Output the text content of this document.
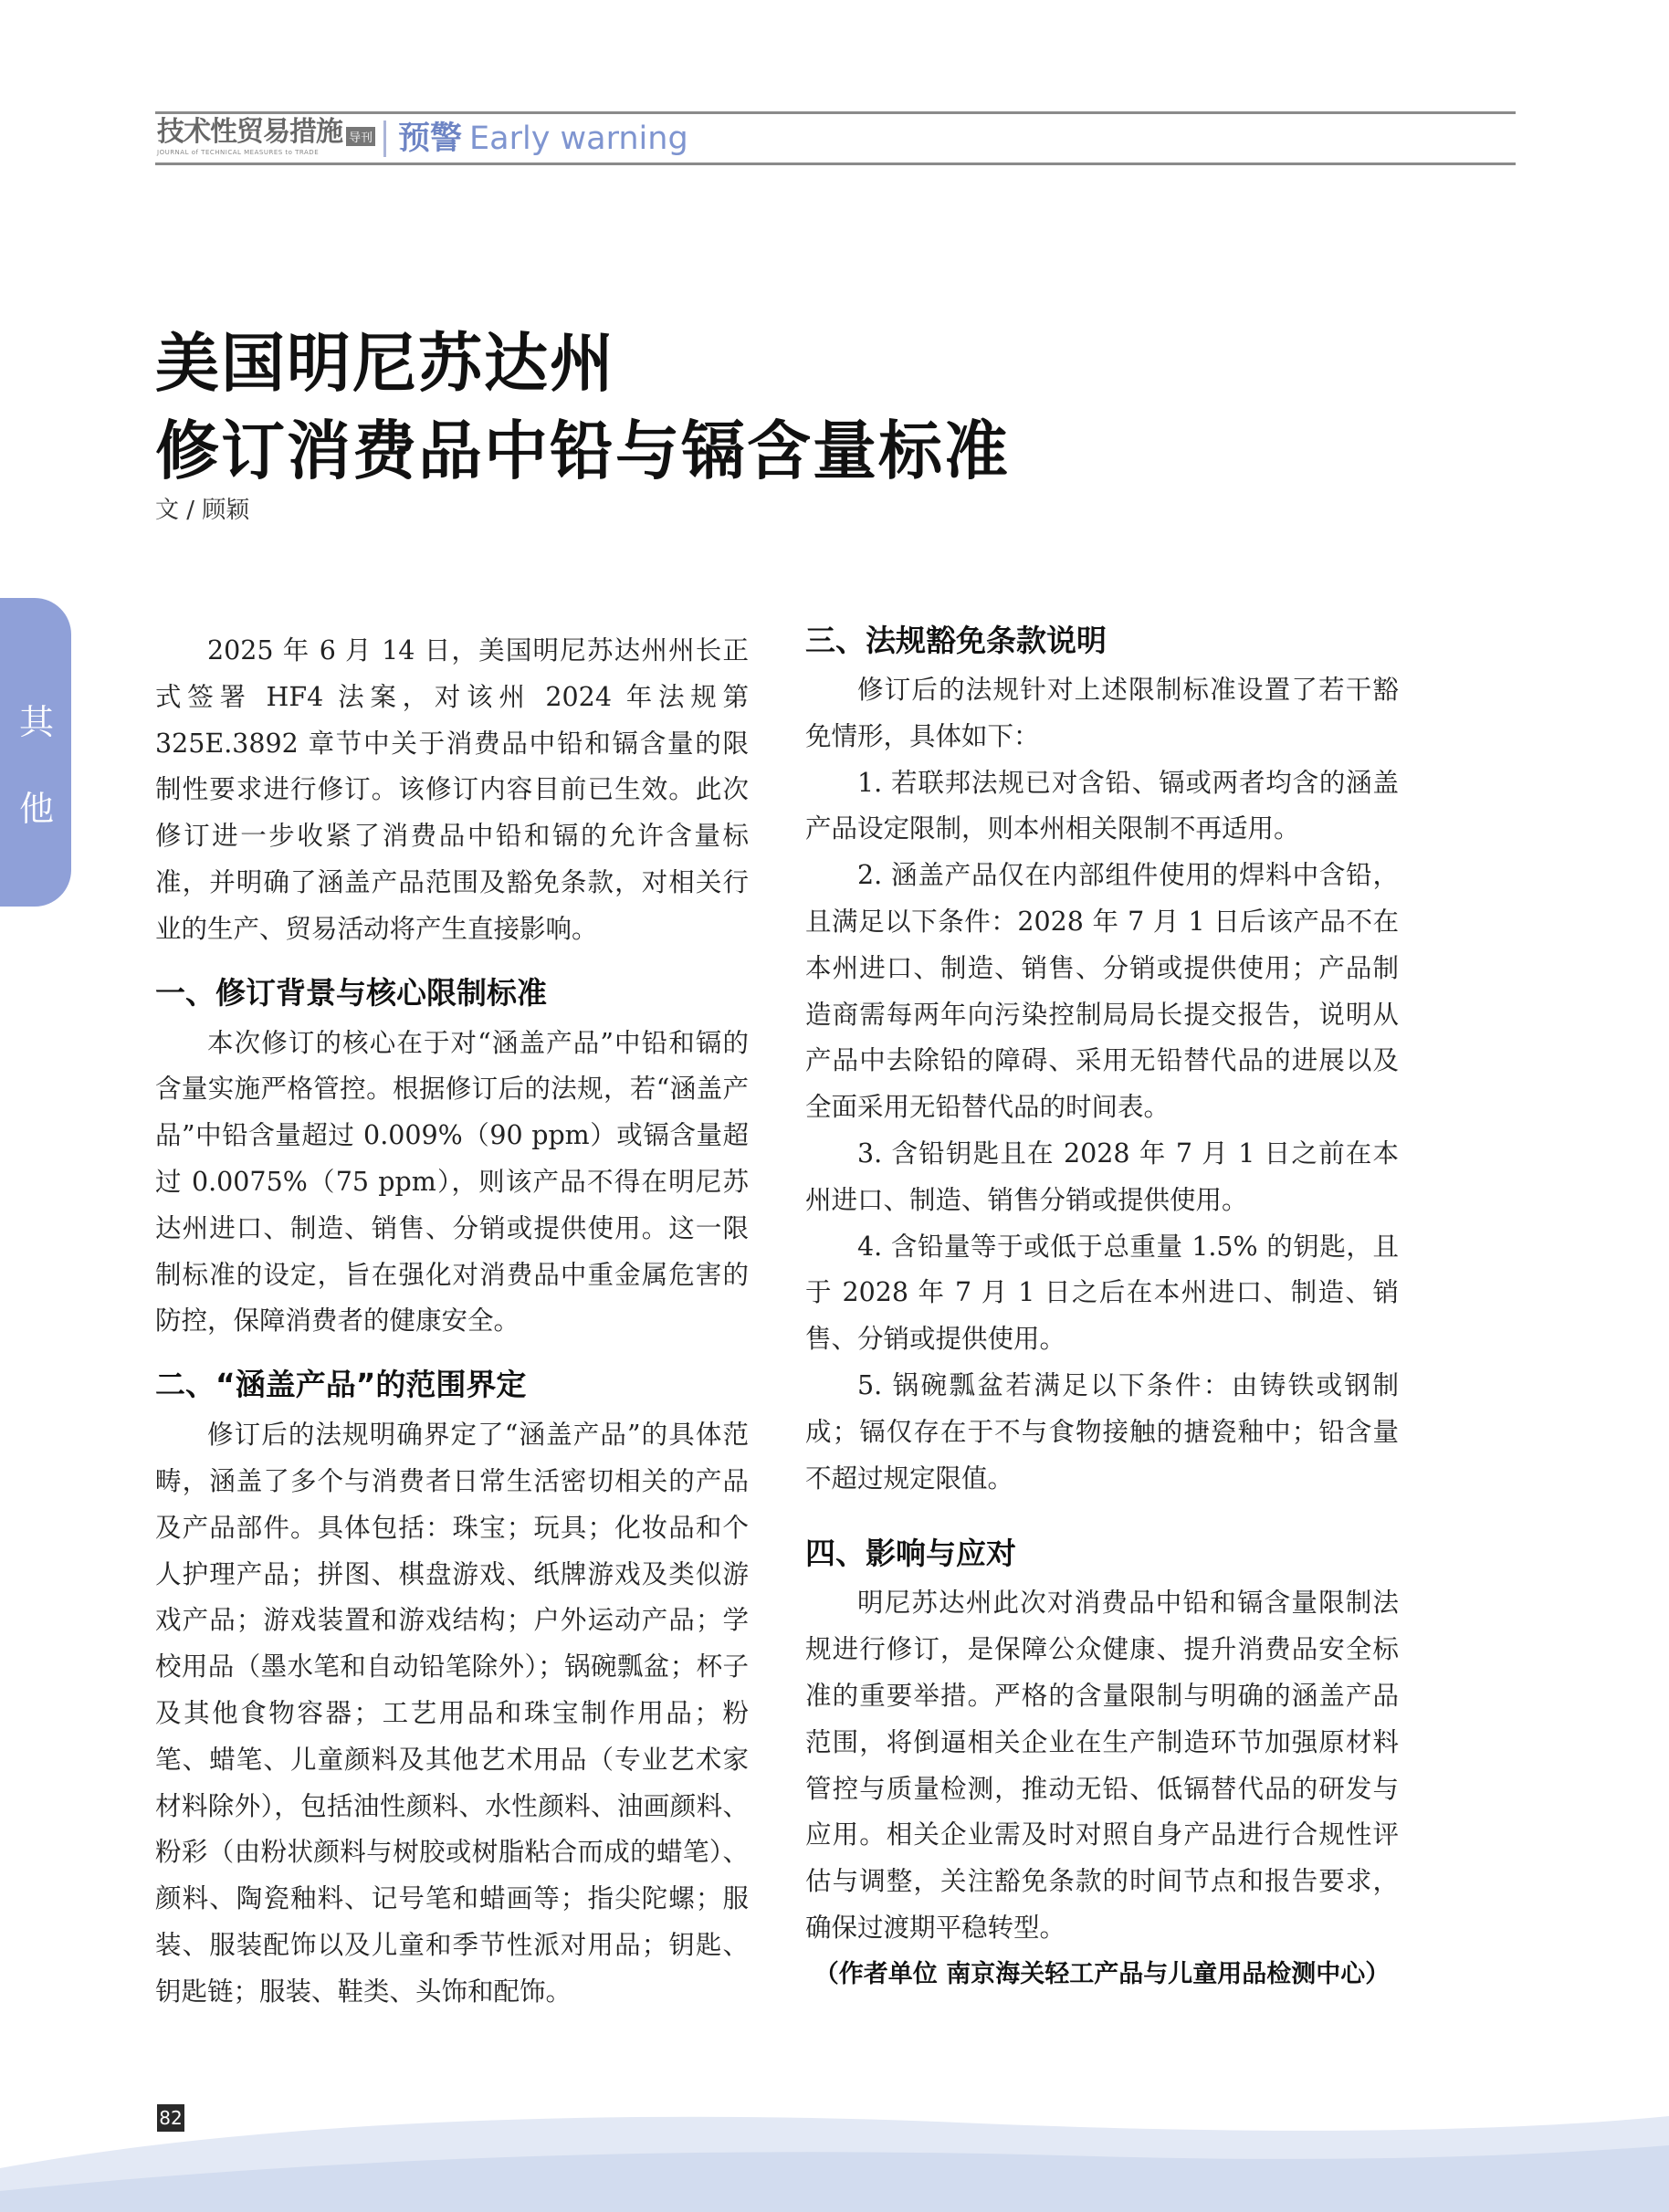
技术性贸易措施 导刊
JOURNAL of TECHNICAL MEASURES to TRADE	预警 Early warning
美国明尼苏达州
修订消费品中铅与镉含量标准
文 / 顾颖
其
他

2025 年 6 月 14 日，美国明尼苏达州州长正式签署 HF4 法案，对该州 2024 年法规第 325E.3892 章节中关于消费品中铅和镉含量的限制性要求进行修订。该修订内容目前已生效。此次修订进一步收紧了消费品中铅和镉的允许含量标准，并明确了涵盖产品范围及豁免条款，对相关行业的生产、贸易活动将产生直接影响。

一、修订背景与核心限制标准

本次修订的核心在于对“涵盖产品”中铅和镉的含量实施严格管控。根据修订后的法规，若“涵盖产品”中铅含量超过 0.009%（90 ppm）或镉含量超过 0.0075%（75 ppm），则该产品不得在明尼苏达州进口、制造、销售、分销或提供使用。这一限制标准的设定，旨在强化对消费品中重金属危害的防控，保障消费者的健康安全。

二、“涵盖产品”的范围界定

修订后的法规明确界定了“涵盖产品”的具体范畴，涵盖了多个与消费者日常生活密切相关的产品及产品部件。具体包括：珠宝；玩具；化妆品和个人护理产品；拼图、棋盘游戏、纸牌游戏及类似游戏产品；游戏装置和游戏结构；户外运动产品；学校用品（墨水笔和自动铅笔除外）；锅碗瓢盆；杯子及其他食物容器；工艺用品和珠宝制作用品；粉笔、蜡笔、儿童颜料及其他艺术用品（专业艺术家材料除外），包括油性颜料、水性颜料、油画颜料、粉彩（由粉状颜料与树胶或树脂粘合而成的蜡笔）、颜料、陶瓷釉料、记号笔和蜡画等；指尖陀螺；服装、服装配饰以及儿童和季节性派对用品；钥匙、钥匙链；服装、鞋类、头饰和配饰。

三、法规豁免条款说明

修订后的法规针对上述限制标准设置了若干豁免情形，具体如下：

1. 若联邦法规已对含铅、镉或两者均含的涵盖产品设定限制，则本州相关限制不再适用。

2. 涵盖产品仅在内部组件使用的焊料中含铅，且满足以下条件：2028 年 7 月 1 日后该产品不在本州进口、制造、销售、分销或提供使用；产品制造商需每两年向污染控制局局长提交报告，说明从产品中去除铅的障碍、采用无铅替代品的进展以及全面采用无铅替代品的时间表。

3. 含铅钥匙且在 2028 年 7 月 1 日之前在本州进口、制造、销售分销或提供使用。

4. 含铅量等于或低于总重量 1.5% 的钥匙，且于 2028 年 7 月 1 日之后在本州进口、制造、销售、分销或提供使用。

5. 锅碗瓢盆若满足以下条件：由铸铁或钢制成；镉仅存在于不与食物接触的搪瓷釉中；铅含量不超过规定限值。

四、影响与应对

明尼苏达州此次对消费品中铅和镉含量限制法规进行修订，是保障公众健康、提升消费品安全标准的重要举措。严格的含量限制与明确的涵盖产品范围，将倒逼相关企业在生产制造环节加强原材料管控与质量检测，推动无铅、低镉替代品的研发与应用。相关企业需及时对照自身产品进行合规性评估与调整，关注豁免条款的时间节点和报告要求，确保过渡期平稳转型。

（作者单位 南京海关轻工产品与儿童用品检测中心）
82
